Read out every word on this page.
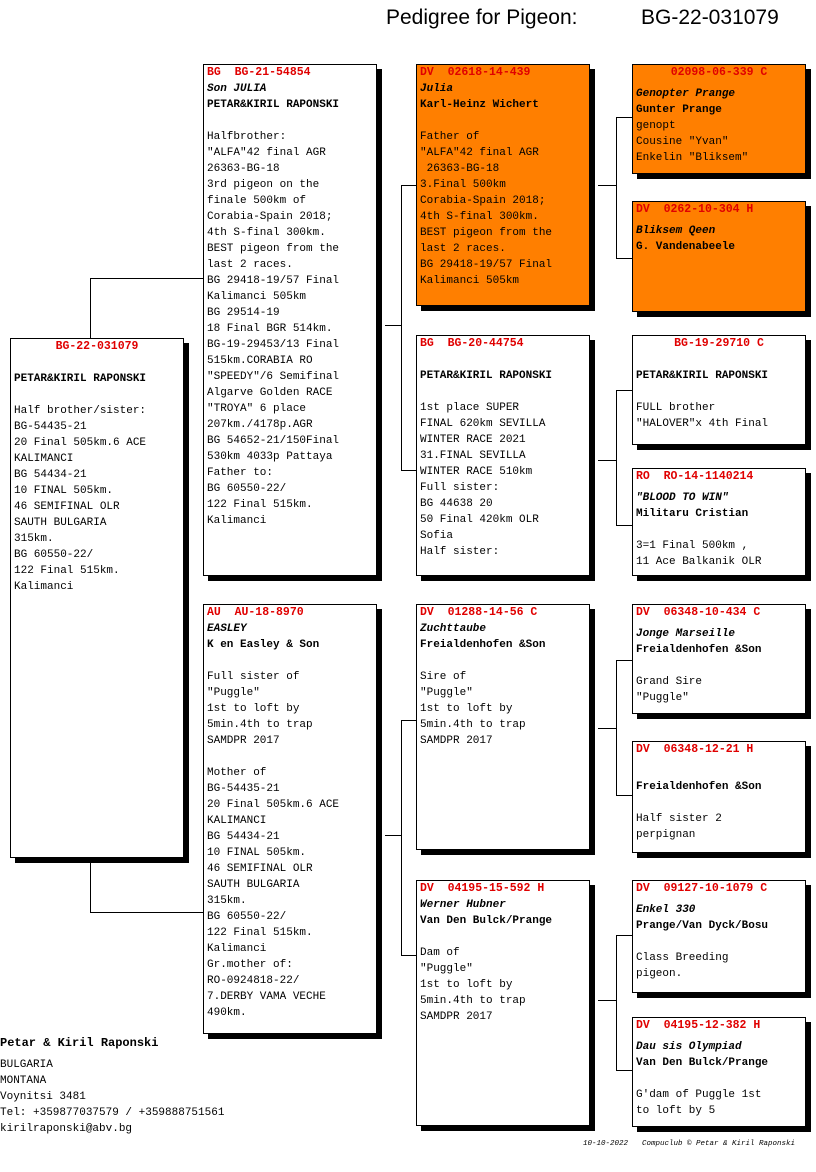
Pedigree for Pigeon:	BG-22-031079
BG-22-031079
PETAR&KIRIL RAPONSKI
Half brother/sister:
BG-54435-21
20 Final 505km.6 ACE
KALIMANCI
BG 54434-21
10 FINAL 505km.
46 SEMIFINAL OLR
SAUTH BULGARIA
315km.
BG 60550-22/
122 Final 515km.
Kalimanci
BG  BG-21-54854
Son JULIA
PETAR&KIRIL RAPONSKI
Halfbrother:
"ALFA"42 final AGR
26363-BG-18
3rd pigeon on the
finale 500km of
Corabia-Spain 2018;
4th S-final 300km.
BEST pigeon from the
last 2 races.
BG 29418-19/57 Final
Kalimanci 505km
BG 29514-19
18 Final BGR 514km.
BG-19-29453/13 Final
515km.CORABIA RO
"SPEEDY"/6 Semifinal
Algarve Golden RACE
"TROYA" 6 place
207km./4178p.AGR
BG 54652-21/150Final
530km 4033p Pattaya
Father to:
BG 60550-22/
122 Final 515km.
Kalimanci
AU  AU-18-8970
EASLEY
K en Easley & Son
Full sister of
"Puggle"
1st to loft by
5min.4th to trap
SAMDPR 2017

Mother of
BG-54435-21
20 Final 505km.6 ACE
KALIMANCI
BG 54434-21
10 FINAL 505km.
46 SEMIFINAL OLR
SAUTH BULGARIA
315km.
BG 60550-22/
122 Final 515km.
Kalimanci
Gr.mother of:
RO-0924818-22/
7.DERBY VAMA VECHE
490km.
DV  02618-14-439
Julia
Karl-Heinz Wichert
Father of
"ALFA"42 final AGR
26363-BG-18
3.Final 500km
Corabia-Spain 2018;
4th S-final 300km.
BEST pigeon from the
last 2 races.
BG 29418-19/57 Final
Kalimanci 505km
BG  BG-20-44754
PETAR&KIRIL RAPONSKI
1st place SUPER
FINAL 620km SEVILLA
WINTER RACE 2021
31.FINAL SEVILLA
WINTER RACE 510km
Full sister:
BG 44638 20
50 Final 420km OLR
Sofia
Half sister:
DV  01288-14-56 C
Zuchttaube
Freialdenhofen &Son
Sire of
"Puggle"
1st to loft by
5min.4th to trap
SAMDPR 2017
DV  04195-15-592 H
Werner Hubner
Van Den Bulck/Prange
Dam of
"Puggle"
1st to loft by
5min.4th to trap
SAMDPR 2017
02098-06-339 C
Genopter Prange
Gunter Prange
genopt
Cousine "Yvan"
Enkelin "Bliksem"
DV  0262-10-304 H
Bliksem Qeen
G. Vandenabeele
BG-19-29710 C
PETAR&KIRIL RAPONSKI
FULL brother
"HALOVER"x 4th Final
RO  RO-14-1140214
"BLOOD TO WIN"
Militaru Cristian
3=1 Final 500km ,
11 Ace Balkanik OLR
DV  06348-10-434 C
Jonge Marseille
Freialdenhofen &Son
Grand Sire
"Puggle"
DV  06348-12-21 H
Freialdenhofen &Son
Half sister 2
perpignan
DV  09127-10-1079 C
Enkel 330
Prange/Van Dyck/Bosu
Class Breeding
pigeon.
DV  04195-12-382 H
Dau sis Olympiad
Van Den Bulck/Prange
G'dam of Puggle 1st
to loft by 5
Petar & Kiril Raponski
BULGARIA
MONTANA
Voynitsi 3481
Tel: +359877037579 / +359888751561
kirilraponski@abv.bg
10-10-2022 Compuclub © Petar & Kiril Raponski
